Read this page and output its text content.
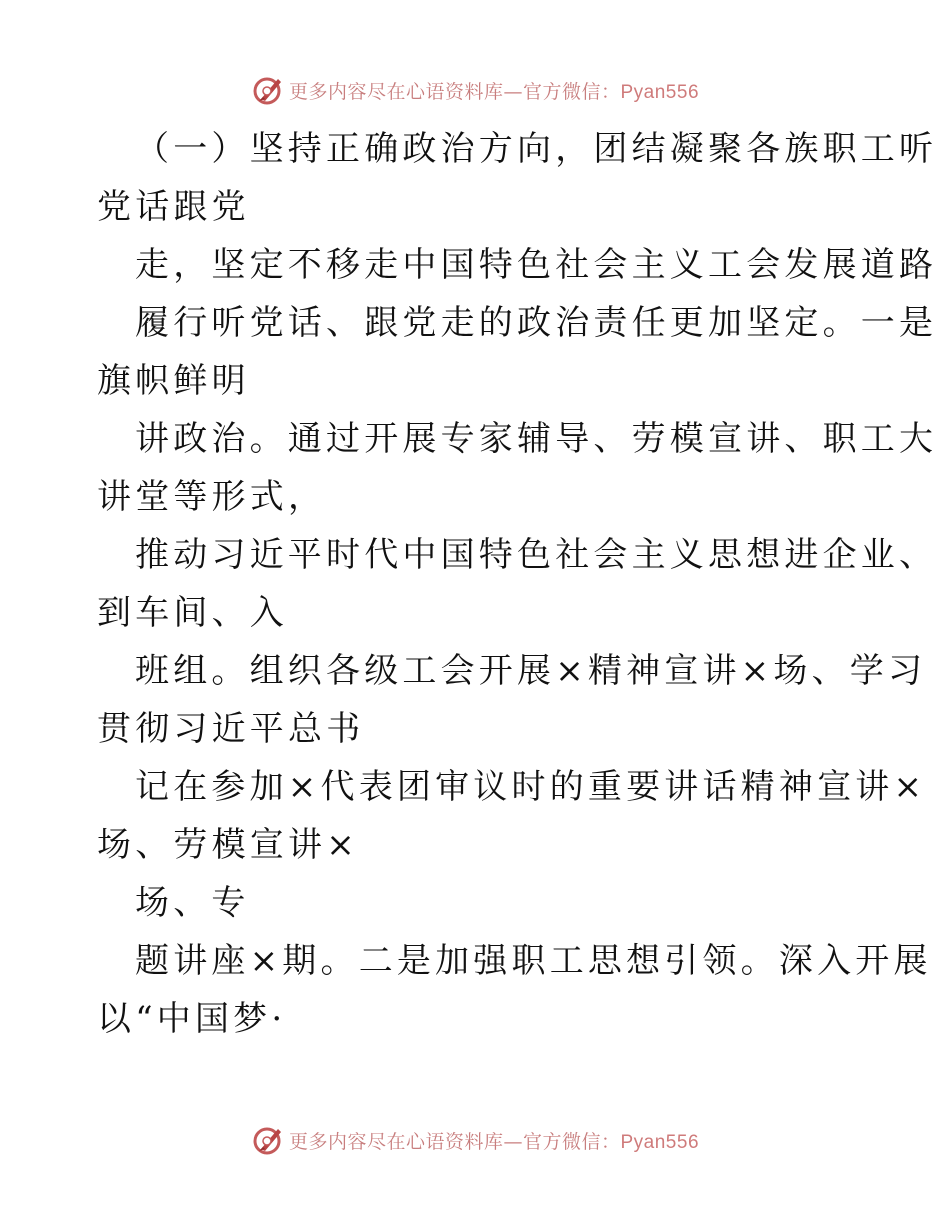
更多内容尽在心语资料库—官方微信：Pyan556
（一）坚持正确政治方向，团结凝聚各族职工听
党话跟党
走，坚定不移走中国特色社会主义工会发展道路
履行听党话、跟党走的政治责任更加坚定。一是
旗帜鲜明
讲政治。通过开展专家辅导、劳模宣讲、职工大
讲堂等形式，
推动习近平时代中国特色社会主义思想进企业、
到车间、入
班组。组织各级工会开展×精神宣讲×场、学习
贯彻习近平总书
记在参加×代表团审议时的重要讲话精神宣讲×
场、劳模宣讲×
场、专
题讲座×期。二是加强职工思想引领。深入开展
以“中国梦·
更多内容尽在心语资料库—官方微信：Pyan556
